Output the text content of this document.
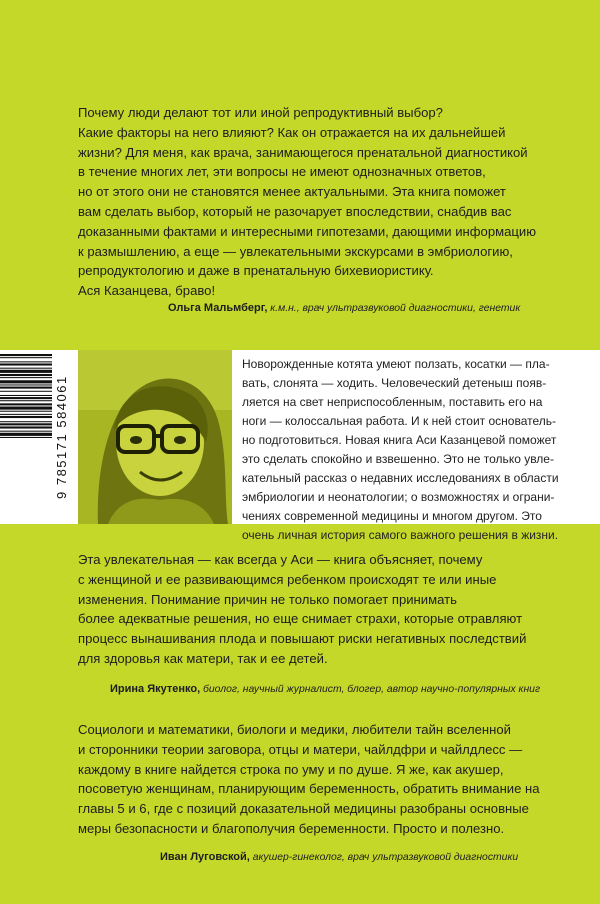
Почему люди делают тот или иной репродуктивный выбор?
Какие факторы на него влияют? Как он отражается на их дальнейшей
жизни? Для меня, как врача, занимающегося пренатальной диагностикой
в течение многих лет, эти вопросы не имеют однозначных ответов,
но от этого они не становятся менее актуальными. Эта книга поможет
вам сделать выбор, который не разочарует впоследствии, снабдив вас
доказанными фактами и интересными гипотезами, дающими информацию
к размышлению, а еще — увлекательными экскурсами в эмбриологию,
репродуктологию и даже в пренатальную бихевиористику.
Ася Казанцева, браво!

Ольга Мальмберг, к.м.н., врач ультразвуковой диагностики, генетик
9 785171 584061

Новорожденные котята умеют ползать, косатки — пла-
вать, слонята — ходить. Человеческий детеныш появ-
ляется на свет неприспособленным, поставить его на
ноги — колоссальная работа. И к ней стоит основатель-
но подготовиться. Новая книга Аси Казанцевой поможет
это сделать спокойно и взвешенно. Это не только увле-
кательный рассказ о недавних исследованиях в области
эмбриологии и неонатологии; о возможностях и ограни-
чениях современной медицины и многом другом. Это
очень личная история самого важного решения в жизни.

Эта увлекательная — как всегда у Аси — книга объясняет, почему
с женщиной и ее развивающимся ребенком происходят те или иные
изменения. Понимание причин не только помогает принимать
более адекватные решения, но еще снимает страхи, которые отравляют
процесс вынашивания плода и повышают риски негативных последствий
для здоровья как матери, так и ее детей.

Ирина Якутенко, биолог, научный журналист, блогер, автор научно-популярных книг

Социологи и математики, биологи и медики, любители тайн вселенной
и сторонники теории заговора, отцы и матери, чайлдфри и чайлдлесс —
каждому в книге найдется строка по уму и по душе. Я же, как акушер,
посоветую женщинам, планирующим беременность, обратить внимание на
главы 5 и 6, где с позиций доказательной медицины разобраны основные
меры безопасности и благополучия беременности. Просто и полезно.

Иван Луговской, акушер-гинеколог, врач ультразвуковой диагностики
